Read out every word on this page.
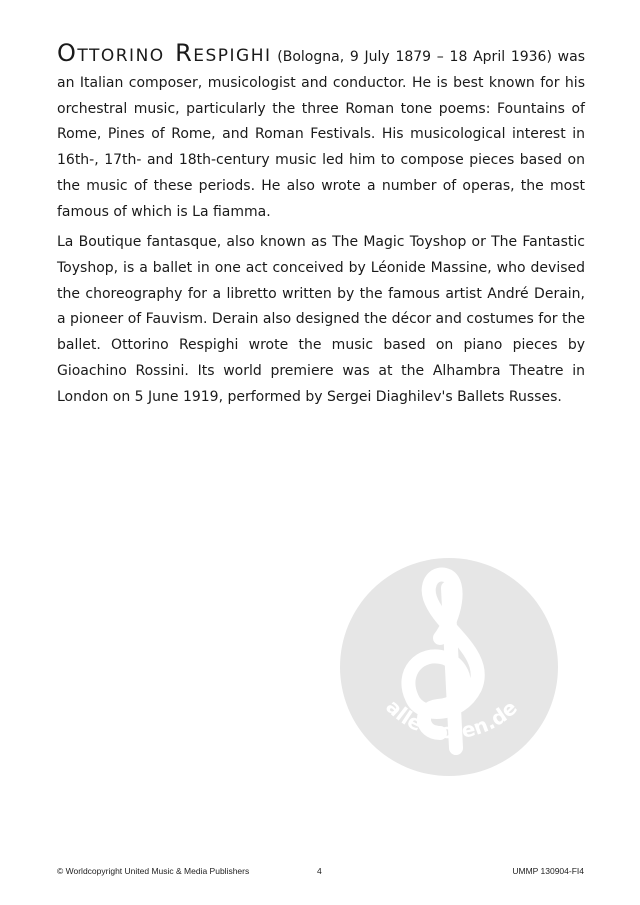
Ottorino Respighi (Bologna, 9 July 1879 – 18 April 1936) was an Italian composer, musicologist and conductor. He is best known for his orchestral music, particularly the three Roman tone poems: Fountains of Rome, Pines of Rome, and Roman Festivals. His musicological interest in 16th-, 17th- and 18th-century music led him to compose pieces based on the music of these periods. He also wrote a number of operas, the most famous of which is La fiamma.

La Boutique fantasque, also known as The Magic Toyshop or The Fantastic Toyshop, is a ballet in one act conceived by Léonide Massine, who devised the choreography for a libretto written by the famous artist André Derain, a pioneer of Fauvism. Derain also designed the décor and costumes for the ballet. Ottorino Respighi wrote the music based on piano pieces by Gioachino Rossini. Its world premiere was at the Alhambra Theatre in London on 5 June 1919, performed by Sergei Diaghilev's Ballets Russes.

alle-noten.de
© Worldcopyright United Music & Media Publishers	4	UMMP 130904-FI4
